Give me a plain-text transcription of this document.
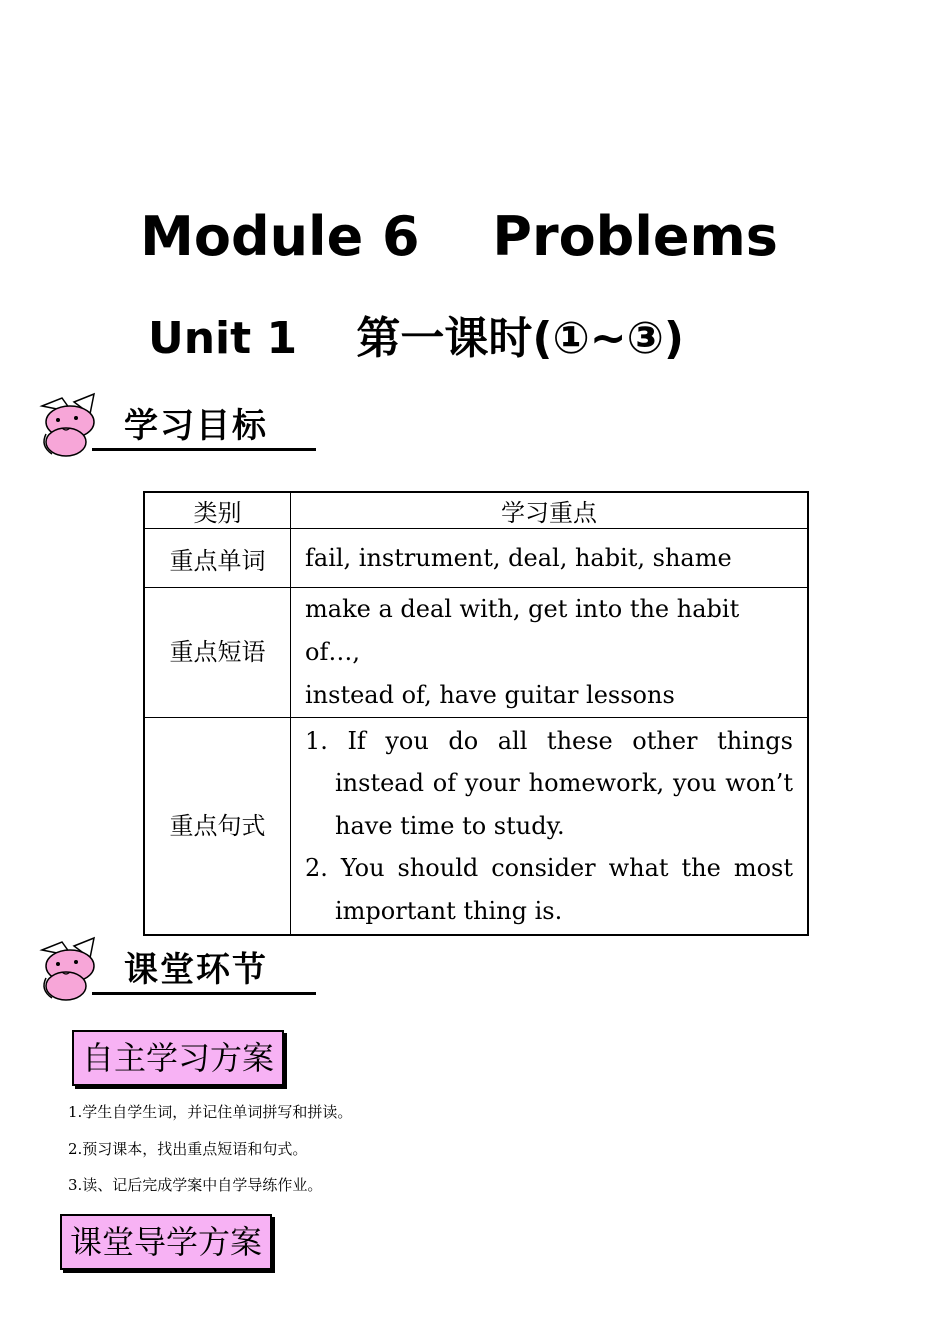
Module 6  Problems
Unit 1  第一课时(①~③)
学习目标
类别	学习重点
重点单词	fail, instrument, deal, habit, shame

重点短语	make a deal with, get into the habit of…,
instead of, have guitar lessons

重点句式	1. If you do all these other things instead of your homework, you won’t have time to study.
2. You should consider what the most important thing is.
课堂环节
自主学习方案
1.学生自学生词，并记住单词拼写和拼读。
2.预习课本，找出重点短语和句式。
3.读、记后完成学案中自学导练作业。
课堂导学方案
